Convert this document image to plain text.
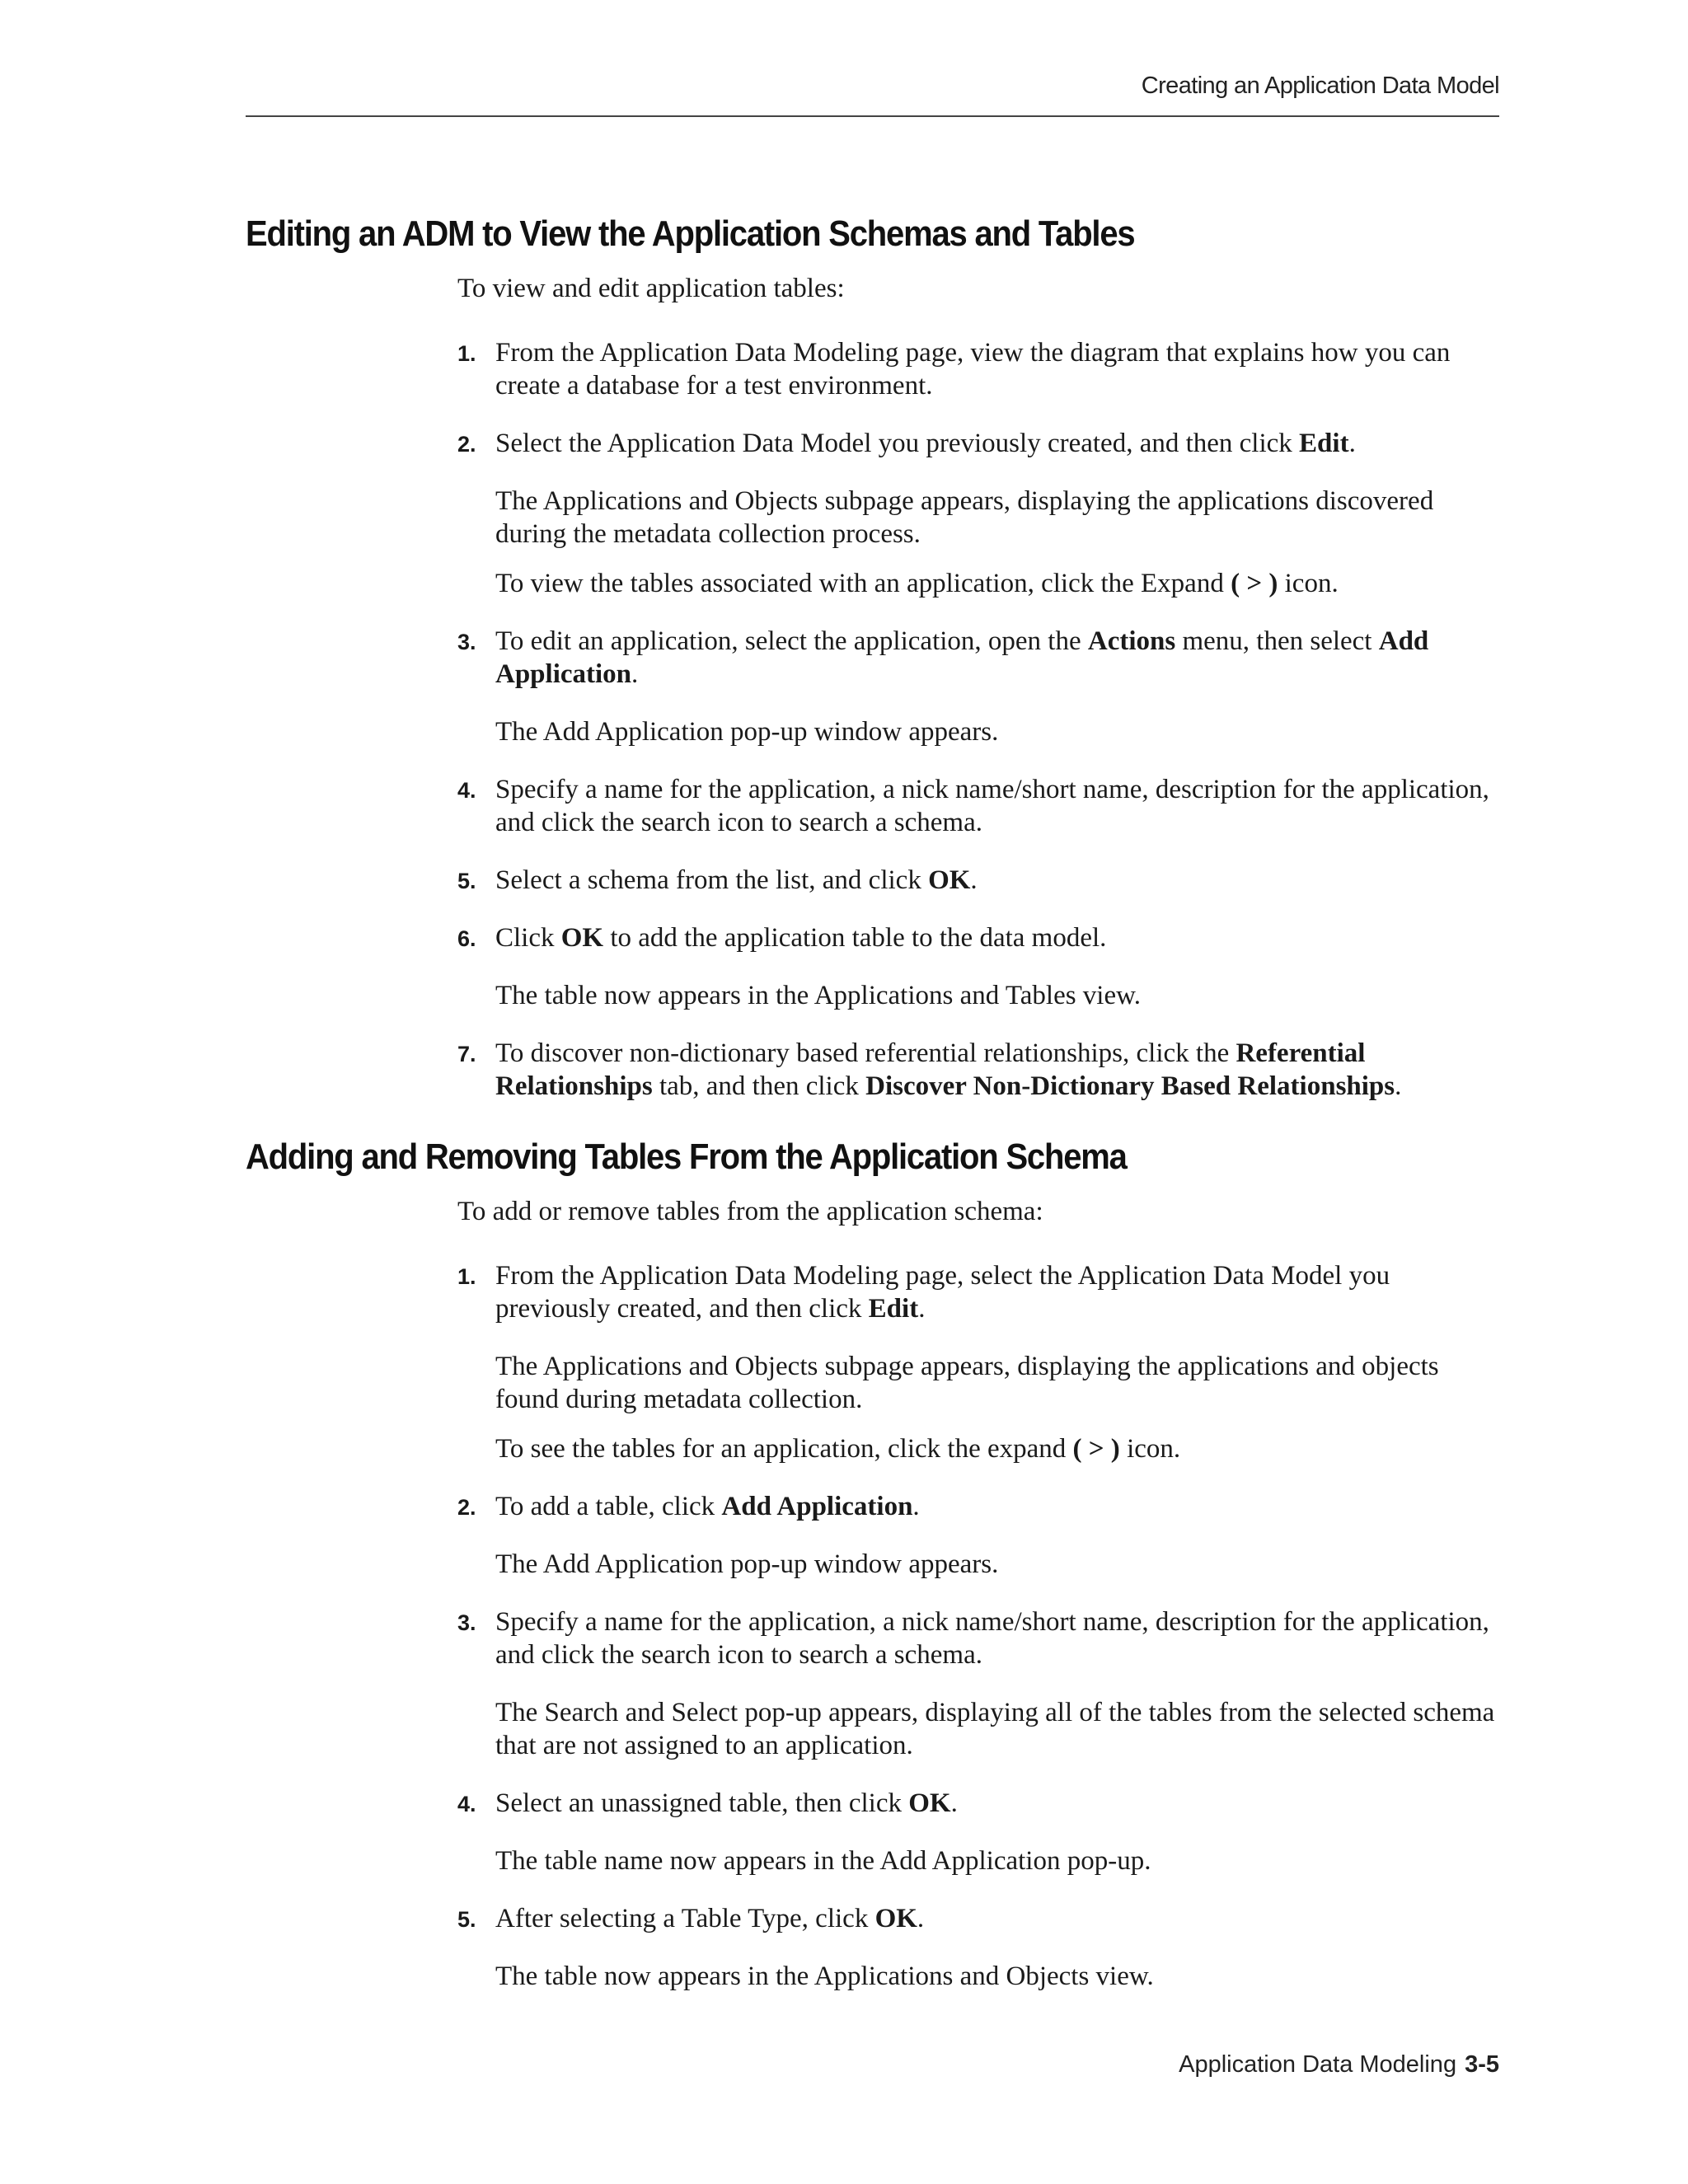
Creating an Application Data Model
Editing an ADM to View the Application Schemas and Tables

To view and edit application tables:

1. From the Application Data Modeling page, view the diagram that explains how you can create a database for a test environment.

2. Select the Application Data Model you previously created, and then click Edit.

The Applications and Objects subpage appears, displaying the applications discovered during the metadata collection process.

To view the tables associated with an application, click the Expand ( > ) icon.

3. To edit an application, select the application, open the Actions menu, then select Add Application.

The Add Application pop-up window appears.

4. Specify a name for the application, a nick name/short name, description for the application, and click the search icon to search a schema.

5. Select a schema from the list, and click OK.

6. Click OK to add the application table to the data model.

The table now appears in the Applications and Tables view.

7. To discover non-dictionary based referential relationships, click the Referential Relationships tab, and then click Discover Non-Dictionary Based Relationships.

Adding and Removing Tables From the Application Schema

To add or remove tables from the application schema:

1. From the Application Data Modeling page, select the Application Data Model you previously created, and then click Edit.

The Applications and Objects subpage appears, displaying the applications and objects found during metadata collection.

To see the tables for an application, click the expand ( > ) icon.

2. To add a table, click Add Application.

The Add Application pop-up window appears.

3. Specify a name for the application, a nick name/short name, description for the application, and click the search icon to search a schema.

The Search and Select pop-up appears, displaying all of the tables from the selected schema that are not assigned to an application.

4. Select an unassigned table, then click OK.

The table name now appears in the Add Application pop-up.

5. After selecting a Table Type, click OK.

The table now appears in the Applications and Objects view.

Application Data Modeling 3-5
